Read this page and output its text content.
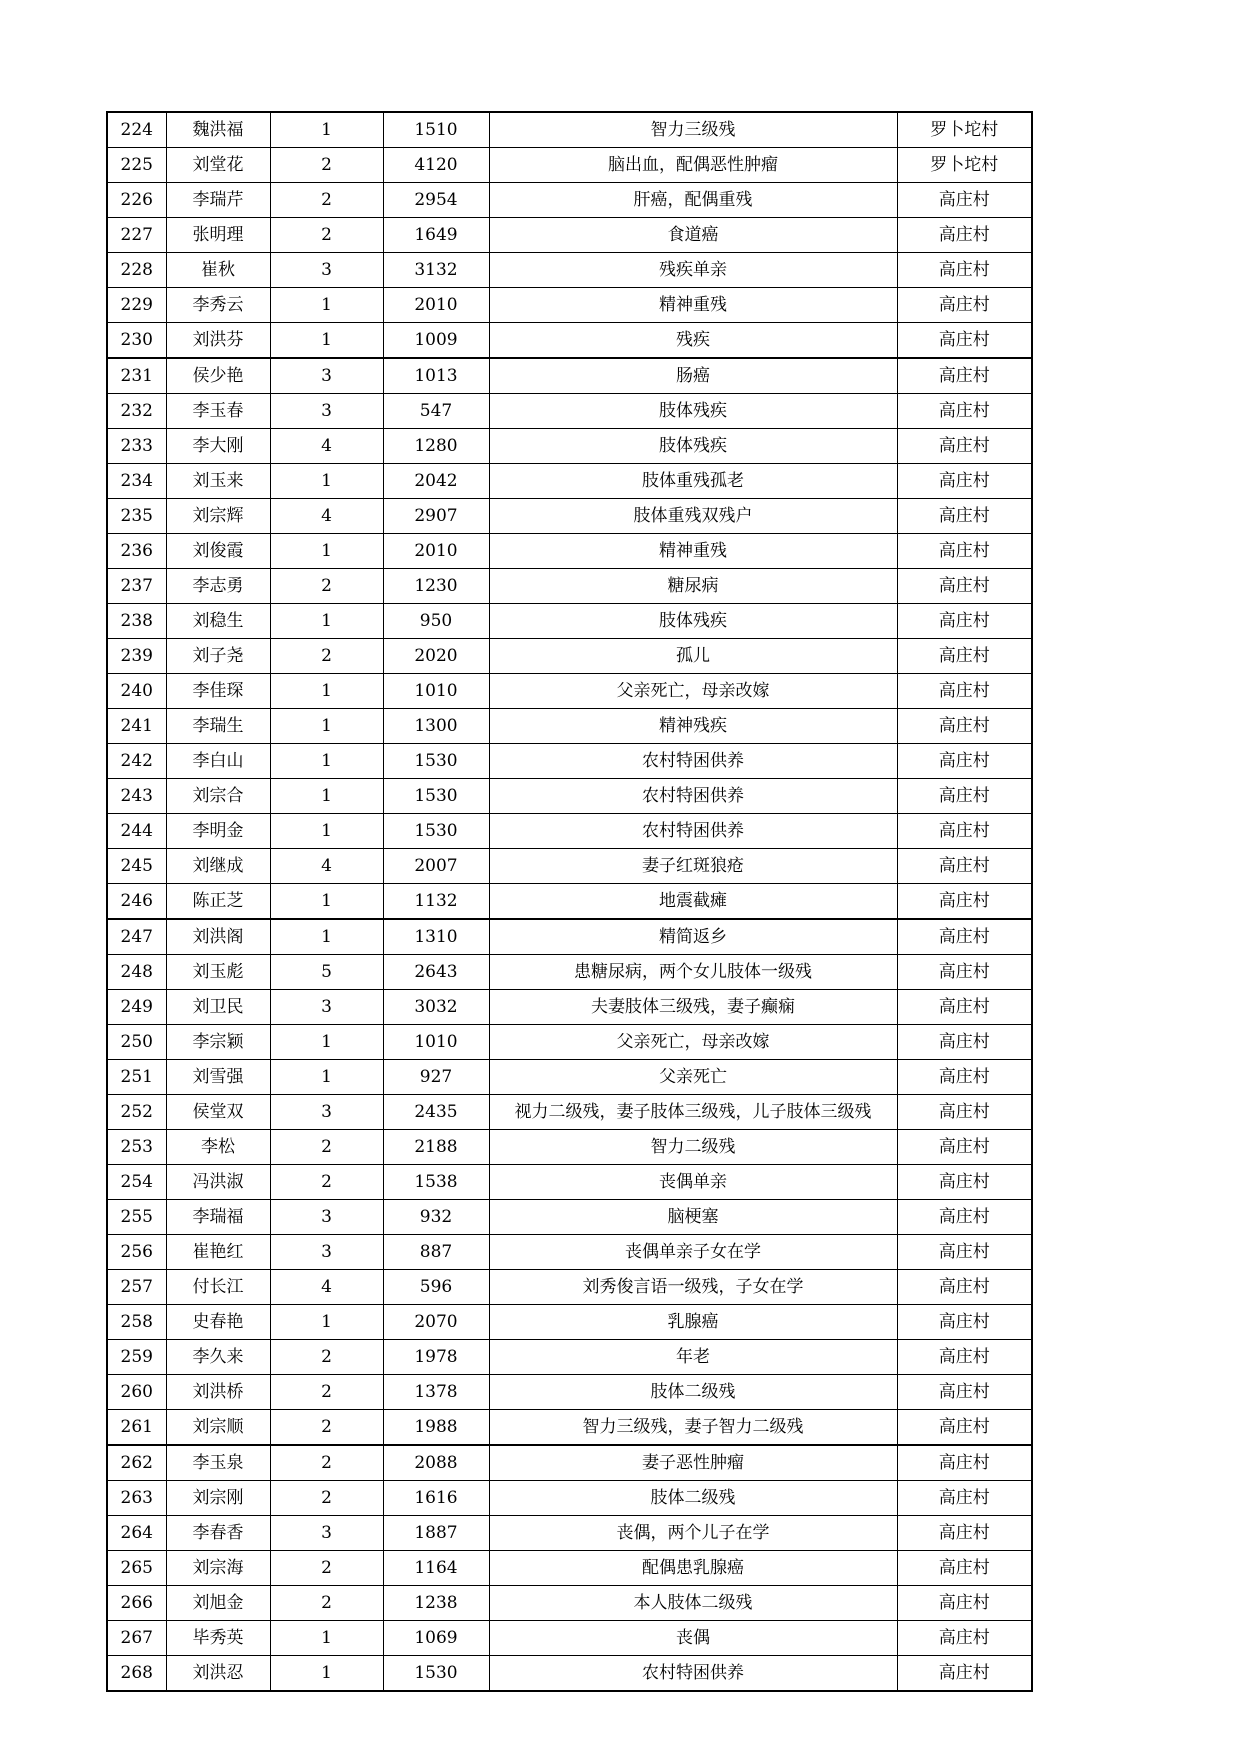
224	魏洪福	1	1510	智力三级残	罗卜坨村
225	刘堂花	2	4120	脑出血，配偶恶性肿瘤	罗卜坨村
226	李瑞芹	2	2954	肝癌，配偶重残	高庄村
227	张明理	2	1649	食道癌	高庄村
228	崔秋	3	3132	残疾单亲	高庄村
229	李秀云	1	2010	精神重残	高庄村
230	刘洪芬	1	1009	残疾	高庄村
231	侯少艳	3	1013	肠癌	高庄村
232	李玉春	3	547	肢体残疾	高庄村
233	李大刚	4	1280	肢体残疾	高庄村
234	刘玉来	1	2042	肢体重残孤老	高庄村
235	刘宗辉	4	2907	肢体重残双残户	高庄村
236	刘俊霞	1	2010	精神重残	高庄村
237	李志勇	2	1230	糖尿病	高庄村
238	刘稳生	1	950	肢体残疾	高庄村
239	刘子尧	2	2020	孤儿	高庄村
240	李佳琛	1	1010	父亲死亡，母亲改嫁	高庄村
241	李瑞生	1	1300	精神残疾	高庄村
242	李白山	1	1530	农村特困供养	高庄村
243	刘宗合	1	1530	农村特困供养	高庄村
244	李明金	1	1530	农村特困供养	高庄村
245	刘继成	4	2007	妻子红斑狼疮	高庄村
246	陈正芝	1	1132	地震截瘫	高庄村
247	刘洪阁	1	1310	精简返乡	高庄村
248	刘玉彪	5	2643	患糖尿病，两个女儿肢体一级残	高庄村
249	刘卫民	3	3032	夫妻肢体三级残，妻子癫痫	高庄村
250	李宗颖	1	1010	父亲死亡，母亲改嫁	高庄村
251	刘雪强	1	927	父亲死亡	高庄村
252	侯堂双	3	2435	视力二级残，妻子肢体三级残，儿子肢体三级残	高庄村
253	李松	2	2188	智力二级残	高庄村
254	冯洪淑	2	1538	丧偶单亲	高庄村
255	李瑞福	3	932	脑梗塞	高庄村
256	崔艳红	3	887	丧偶单亲子女在学	高庄村
257	付长江	4	596	刘秀俊言语一级残，子女在学	高庄村
258	史春艳	1	2070	乳腺癌	高庄村
259	李久来	2	1978	年老	高庄村
260	刘洪桥	2	1378	肢体二级残	高庄村
261	刘宗顺	2	1988	智力三级残，妻子智力二级残	高庄村
262	李玉泉	2	2088	妻子恶性肿瘤	高庄村
263	刘宗刚	2	1616	肢体二级残	高庄村
264	李春香	3	1887	丧偶，两个儿子在学	高庄村
265	刘宗海	2	1164	配偶患乳腺癌	高庄村
266	刘旭金	2	1238	本人肢体二级残	高庄村
267	毕秀英	1	1069	丧偶	高庄村
268	刘洪忍	1	1530	农村特困供养	高庄村
